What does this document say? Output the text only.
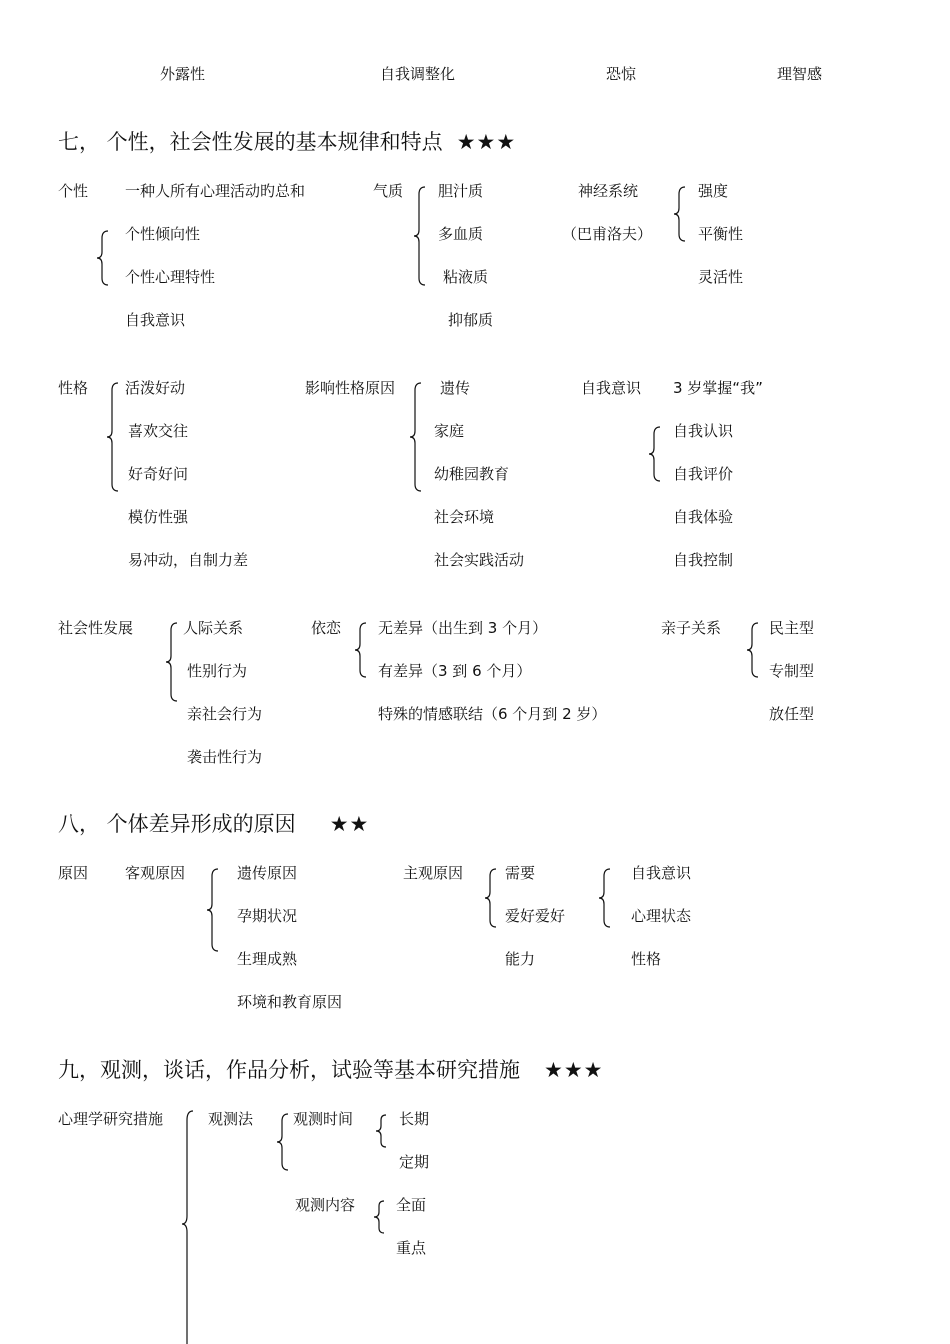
外露性	自我调整化	恐惊	理智感
七， 个性，社会性发展的基本规律和特点 ★★★
个性 一种人所有心理活动旳总和
个性倾向性
个性心理特性
自我意识
气质 胆汁质
多血质
粘液质
抑郁质
神经系统
（巴甫洛夫）
强度
平衡性
灵活性
性格 活泼好动
喜欢交往
好奇好问
模仿性强
易冲动，自制力差
影响性格原因	遗传
家庭
幼稚园教育
社会环境
社会实践活动
自我意识 3 岁掌握“我”
自我认识
自我评价
自我体验
自我控制
社会性发展	人际关系
性别行为
亲社会行为
袭击性行为
依恋 无差异（出生到 3 个月）
有差异（3 到 6 个月）
特殊的情感联结（6 个月到 2 岁）
亲子关系	民主型
专制型
放任型
八， 个体差异形成的原因 ★★
原因 客观原因	遗传原因
孕期状况
生理成熟
环境和教育原因
主观原因	需要
爱好爱好
能力
自我意识
心理状态
性格
九，观测，谈话，作品分析，试验等基本研究措施 ★★★
心理学研究措施	观测法	观测时间	长期
定期
观测内容	全面
重点
